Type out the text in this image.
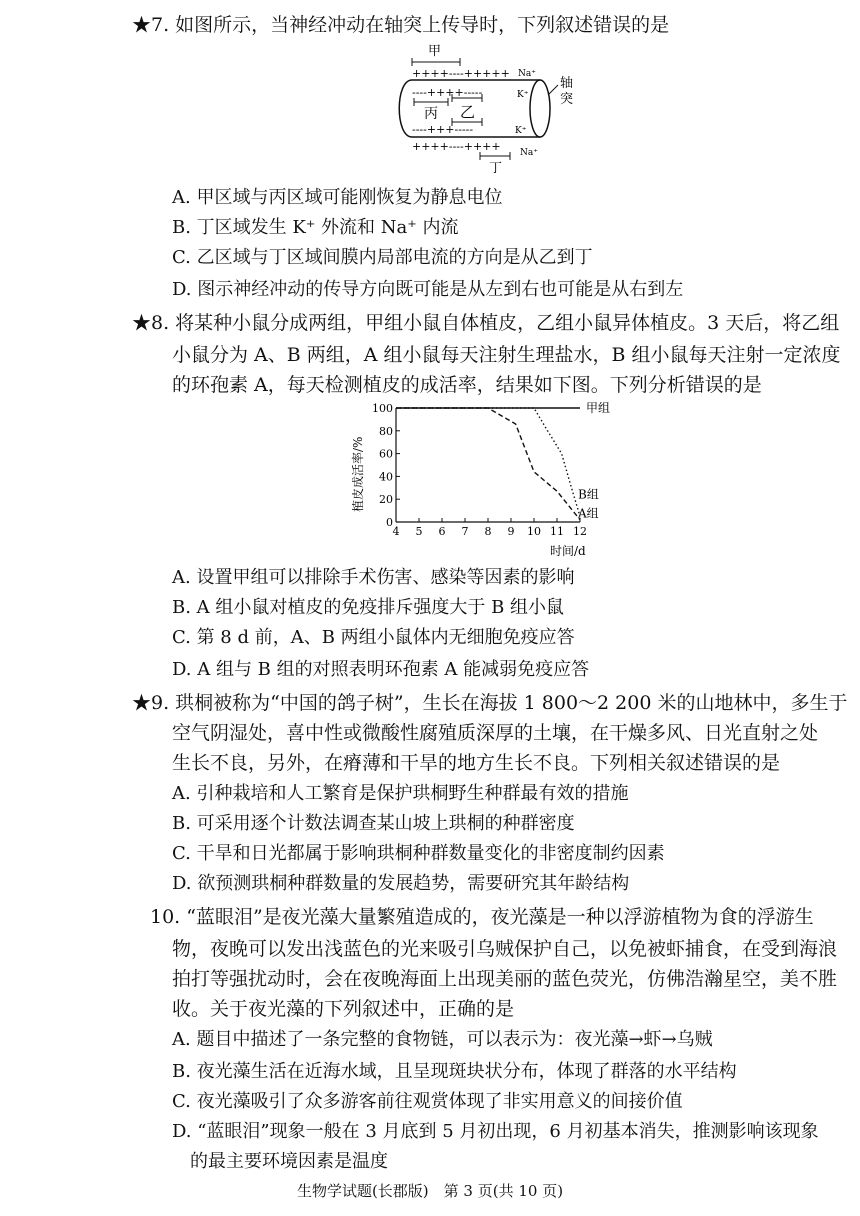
★7. 如图所示，当神经冲动在轴突上传导时，下列叙述错误的是
甲
++++----+++++ Na⁺
----++++-----	K⁺
丙 乙
----+++-----	K⁺
++++----++++ Na⁺
丁
轴
突
A. 甲区域与丙区域可能刚恢复为静息电位
B. 丁区域发生 K⁺ 外流和 Na⁺ 内流
C. 乙区域与丁区域间膜内局部电流的方向是从乙到丁
D. 图示神经冲动的传导方向既可能是从左到右也可能是从右到左
★8. 将某种小鼠分成两组，甲组小鼠自体植皮，乙组小鼠异体植皮。3 天后，将乙组
小鼠分为 A、B 两组，A 组小鼠每天注射生理盐水，B 组小鼠每天注射一定浓度
的环孢素 A，每天检测植皮的成活率，结果如下图。下列分析错误的是
植皮成活率/%
时间/d
4 5 6 7 8 9 10 11 12
0
20
40
60
80
100	甲组
A组
B组
A. 设置甲组可以排除手术伤害、感染等因素的影响
B. A 组小鼠对植皮的免疫排斥强度大于 B 组小鼠
C. 第 8 d 前，A、B 两组小鼠体内无细胞免疫应答
D. A 组与 B 组的对照表明环孢素 A 能减弱免疫应答
★9. 珙桐被称为“中国的鸽子树”，生长在海拔 1 800～2 200 米的山地林中，多生于
空气阴湿处，喜中性或微酸性腐殖质深厚的土壤，在干燥多风、日光直射之处
生长不良，另外，在瘠薄和干旱的地方生长不良。下列相关叙述错误的是
A. 引种栽培和人工繁育是保护珙桐野生种群最有效的措施
B. 可采用逐个计数法调查某山坡上珙桐的种群密度
C. 干旱和日光都属于影响珙桐种群数量变化的非密度制约因素
D. 欲预测珙桐种群数量的发展趋势，需要研究其年龄结构
10. “蓝眼泪”是夜光藻大量繁殖造成的，夜光藻是一种以浮游植物为食的浮游生
物，夜晚可以发出浅蓝色的光来吸引乌贼保护自己，以免被虾捕食，在受到海浪
拍打等强扰动时，会在夜晚海面上出现美丽的蓝色荧光，仿佛浩瀚星空，美不胜
收。关于夜光藻的下列叙述中，正确的是
A. 题目中描述了一条完整的食物链，可以表示为：夜光藻→虾→乌贼
B. 夜光藻生活在近海水域，且呈现斑块状分布，体现了群落的水平结构
C. 夜光藻吸引了众多游客前往观赏体现了非实用意义的间接价值
D. “蓝眼泪”现象一般在 3 月底到 5 月初出现，6 月初基本消失，推测影响该现象
的最主要环境因素是温度
生物学试题(长郡版)　第 3 页(共 10 页)
